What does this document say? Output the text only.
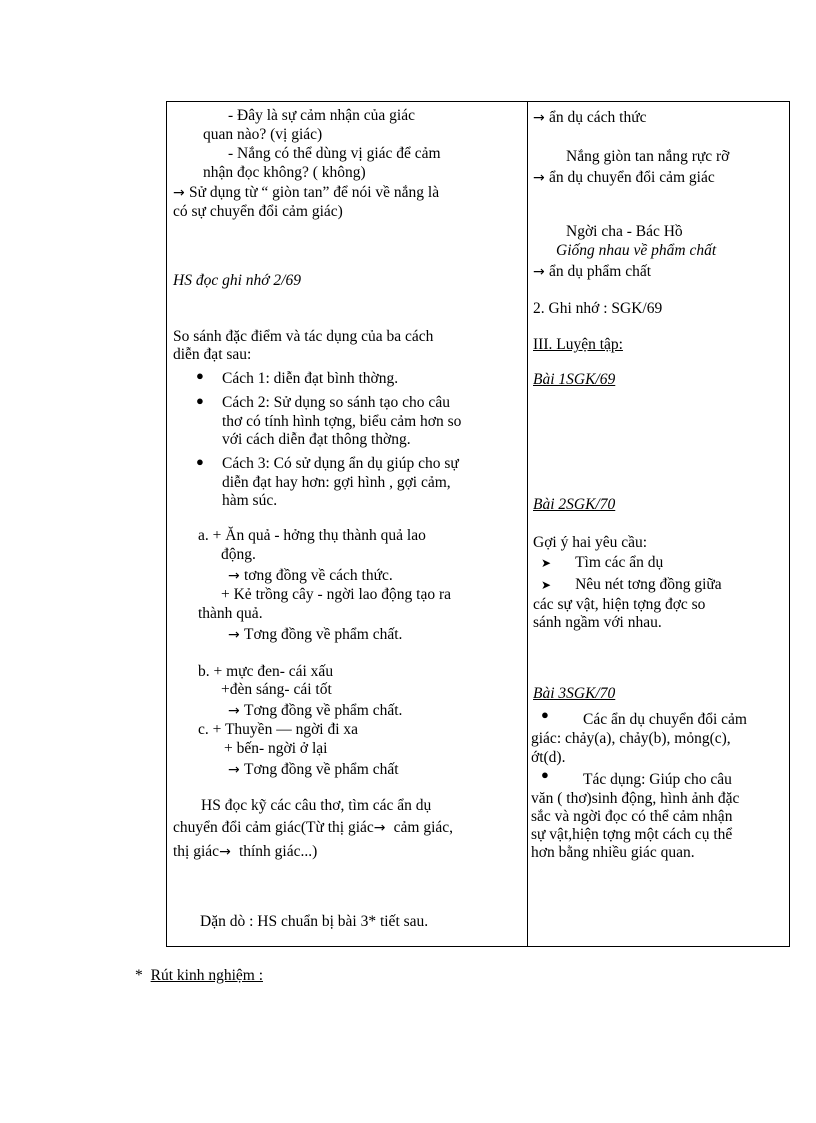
- Đây là sự cảm nhận của giác
quan nào? (vị giác)
- Nắng có thể dùng vị giác để cảm
nhận đọc không? ( không)
→ Sử dụng từ “ giòn tan” để nói về nắng là
có sự chuyển đổi cảm giác)
HS đọc ghi nhớ 2/69
So sánh đặc điểm và tác dụng của ba cách
diễn đạt sau:
● Cách 1: diễn đạt bình thờng.
● Cách 2: Sử dụng so sánh tạo cho câu
thơ có tính hình tợng, biểu cảm hơn so
với cách diễn đạt thông thờng.
● Cách 3: Có sử dụng ẩn dụ giúp cho sự
diễn đạt hay hơn: gợi hình , gợi cảm,
hàm súc.
a. + Ăn quả - hởng thụ thành quả lao
động.
→ tơng đồng về cách thức.
+ Kẻ trồng cây - ngời lao động tạo ra
thành quả.
→ Tơng đồng về phẩm chất.
b. + mực đen- cái xấu
+đèn sáng- cái tốt
→ Tơng đồng về phẩm chất.
c. + Thuyền — ngời đi xa
+ bến- ngời ở lại
→ Tơng đồng về phẩm chất
HS đọc kỹ các câu thơ, tìm các ẩn dụ
chuyển đổi cảm giác(Từ thị giác→ cảm giác,
thị giác→ thính giác...)
Dặn dò : HS chuẩn bị bài 3* tiết sau.
→ ẩn dụ cách thức
Nắng giòn tan nắng rực rỡ
→ ẩn dụ chuyển đổi cảm giác
Ngời cha - Bác Hồ
Giống nhau về phẩm chất
→ ẩn dụ phẩm chất
2. Ghi nhớ : SGK/69
III. Luyện tập:
Bài 1SGK/69
Bài 2SGK/70
Gợi ý hai yêu cầu:
➤ Tìm các ẩn dụ
➤ Nêu nét tơng đồng giữa
các sự vật, hiện tợng đợc so
sánh ngầm với nhau.
Bài 3SGK/70
● Các ẩn dụ chuyển đổi cảm
giác: chảy(a), chảy(b), mỏng(c),
ớt(d).
● Tác dụng: Giúp cho câu
văn ( thơ)sinh động, hình ảnh đặc
sắc và ngời đọc có thể cảm nhận
sự vật,hiện tợng một cách cụ thể
hơn bằng nhiều giác quan.
* Rút kinh nghiệm :
